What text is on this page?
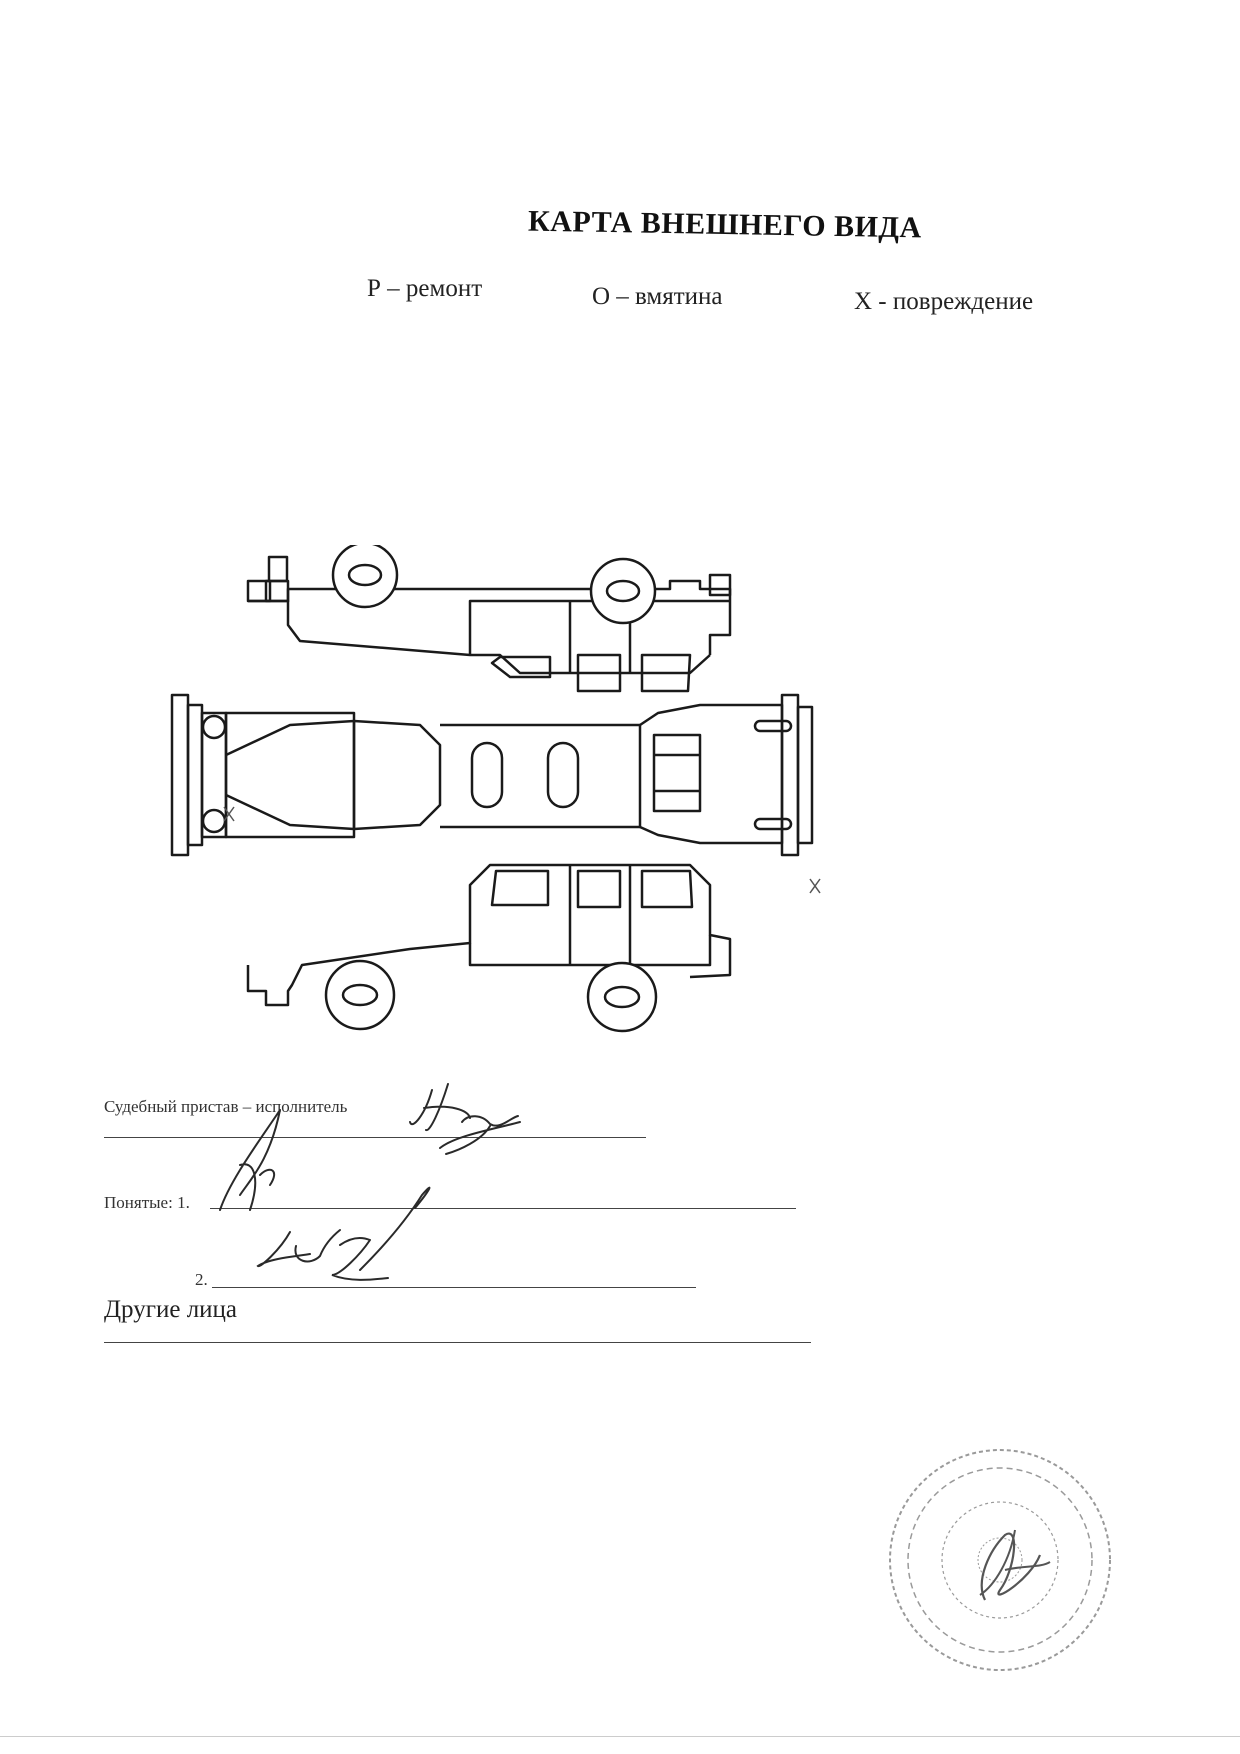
КАРТА ВНЕШНЕГО ВИДА
Р – ремонт	О – вмятина	Х - повреждение
Судебный пристав – исполнитель
Понятые: 1.
2.
Другие лица
